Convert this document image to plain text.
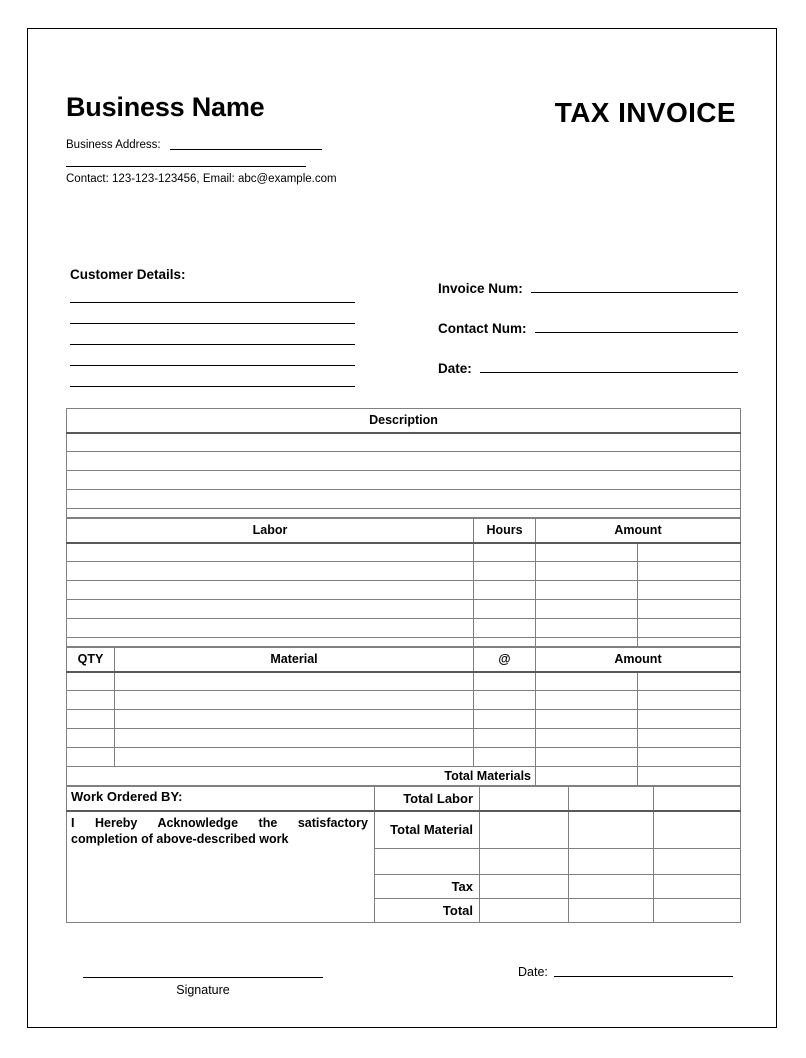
Business Name
Business Address:
Contact: 123-123-123456, Email: abc@example.com
TAX INVOICE
Customer Details:
Invoice Num:
Contact Num:
Date:
Description

Labor	Hours	Amount	

QTY	Material	@	Amount	

Total Materials				
Work Ordered BY:	Total Labor			
I Hereby Acknowledge the satisfactory completion of above-described work	Total Material			

	Tax			
	Total			
Signature
Date:
